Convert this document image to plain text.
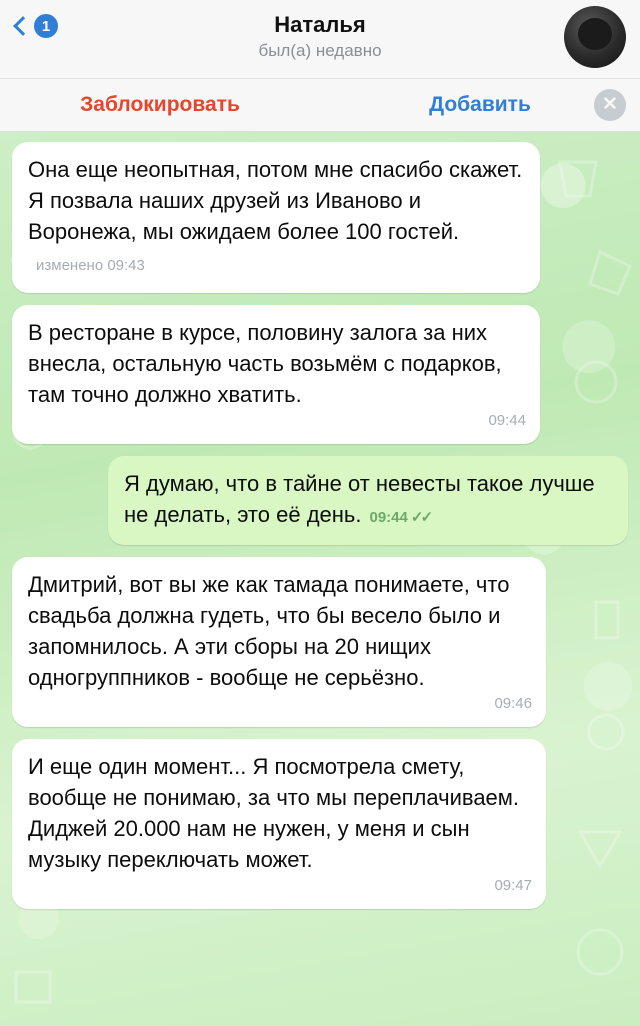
1	Наталья
был(а) недавно
Заблокировать	Добавить	✕
Она еще неопытная, потом мне спасибо скажет. Я позвала наших друзей из Иваново и Воронежа, мы ожидаем более 100 гостей.изменено 09:43
В ресторане в курсе, половину залога за них внесла, остальную часть возьмём с подарков, там точно должно хватить.
09:44
Я думаю, что в тайне от невесты такое лучше не делать, это её день. 09:44 ✓✓
Дмитрий, вот вы же как тамада понимаете, что свадьба должна гудеть, что бы весело было и запомнилось. А эти сборы на 20 нищих одногруппников - вообще не серьёзно.
09:46
И еще один момент... Я посмотрела смету, вообще не понимаю, за что мы переплачиваем. Диджей 20.000 нам не нужен, у меня и сын музыку переключать может.
09:47
